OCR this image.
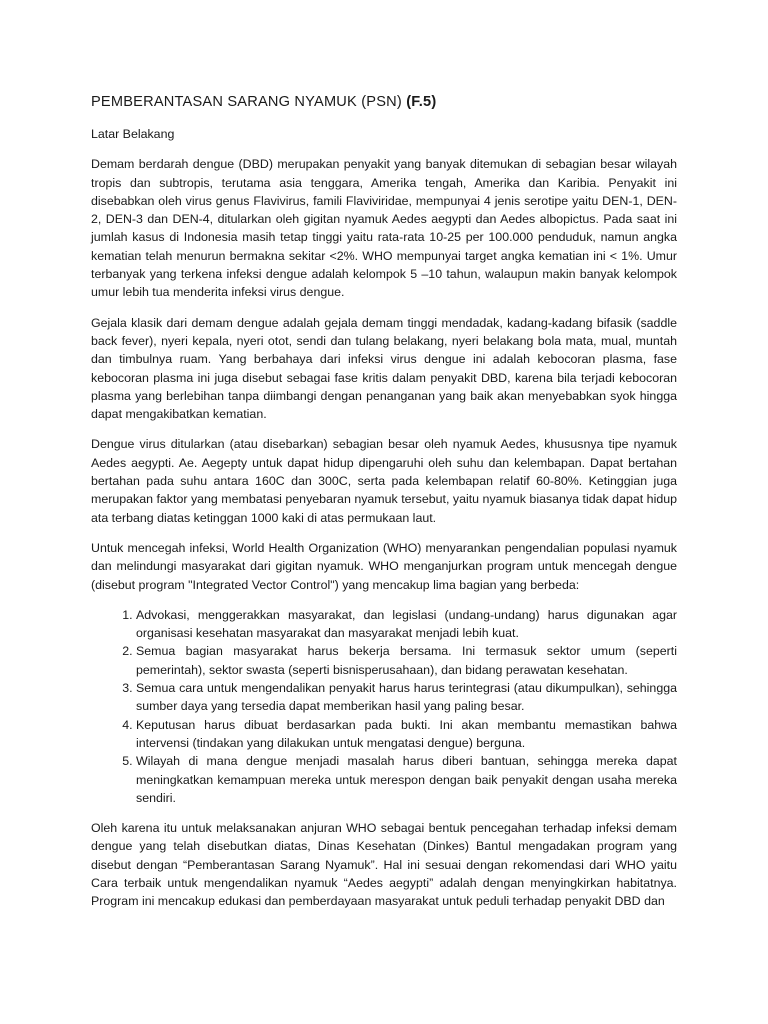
PEMBERANTASAN SARANG NYAMUK (PSN) (F.5)
Latar Belakang

Demam berdarah dengue (DBD) merupakan penyakit yang banyak ditemukan di sebagian besar wilayah tropis dan subtropis, terutama asia tenggara, Amerika tengah, Amerika dan Karibia. Penyakit ini disebabkan oleh virus genus Flavivirus, famili Flaviviridae, mempunyai 4 jenis serotipe yaitu DEN-1, DEN-2, DEN-3 dan DEN-4, ditularkan oleh gigitan nyamuk Aedes aegypti dan Aedes albopictus. Pada saat ini jumlah kasus di Indonesia masih tetap tinggi yaitu rata-rata 10-25 per 100.000 penduduk, namun angka kematian telah menurun bermakna sekitar <2%. WHO mempunyai target angka kematian ini < 1%. Umur terbanyak yang terkena infeksi dengue adalah kelompok 5 –10 tahun, walaupun makin banyak kelompok umur lebih tua menderita infeksi virus dengue.

Gejala klasik dari demam dengue adalah gejala demam tinggi mendadak, kadang-kadang bifasik (saddle back fever), nyeri kepala, nyeri otot, sendi dan tulang belakang, nyeri belakang bola mata, mual, muntah dan timbulnya ruam. Yang berbahaya dari infeksi virus dengue ini adalah kebocoran plasma, fase kebocoran plasma ini juga disebut sebagai fase kritis dalam penyakit DBD, karena bila terjadi kebocoran plasma yang berlebihan tanpa diimbangi dengan penanganan yang baik akan menyebabkan syok hingga dapat mengakibatkan kematian.

Dengue virus ditularkan (atau disebarkan) sebagian besar oleh nyamuk Aedes, khususnya tipe nyamuk Aedes aegypti. Ae. Aegepty untuk dapat hidup dipengaruhi oleh suhu dan kelembapan. Dapat bertahan bertahan pada suhu antara 160C dan 300C, serta pada kelembapan relatif 60-80%. Ketinggian juga merupakan faktor yang membatasi penyebaran nyamuk tersebut, yaitu nyamuk biasanya tidak dapat hidup ata terbang diatas ketinggan 1000 kaki di atas permukaan laut.

Untuk mencegah infeksi, World Health Organization (WHO) menyarankan pengendalian populasi nyamuk dan melindungi masyarakat dari gigitan nyamuk. WHO menganjurkan program untuk mencegah dengue (disebut program "Integrated Vector Control") yang mencakup lima bagian yang berbeda:

1. Advokasi, menggerakkan masyarakat, dan legislasi (undang-undang) harus digunakan agar organisasi kesehatan masyarakat dan masyarakat menjadi lebih kuat.
2. Semua bagian masyarakat harus bekerja bersama. Ini termasuk sektor umum (seperti pemerintah), sektor swasta (seperti bisnisperusahaan), dan bidang perawatan kesehatan.
3. Semua cara untuk mengendalikan penyakit harus harus terintegrasi (atau dikumpulkan), sehingga sumber daya yang tersedia dapat memberikan hasil yang paling besar.
4. Keputusan harus dibuat berdasarkan pada bukti. Ini akan membantu memastikan bahwa intervensi (tindakan yang dilakukan untuk mengatasi dengue) berguna.
5. Wilayah di mana dengue menjadi masalah harus diberi bantuan, sehingga mereka dapat meningkatkan kemampuan mereka untuk merespon dengan baik penyakit dengan usaha mereka sendiri.

Oleh karena itu untuk melaksanakan anjuran WHO sebagai bentuk pencegahan terhadap infeksi demam dengue yang telah disebutkan diatas, Dinas Kesehatan (Dinkes) Bantul mengadakan program yang disebut dengan “Pemberantasan Sarang Nyamuk”. Hal ini sesuai dengan rekomendasi dari WHO yaitu Cara terbaik untuk mengendalikan nyamuk “Aedes aegypti” adalah dengan menyingkirkan habitatnya. Program ini mencakup edukasi dan pemberdayaan masyarakat untuk peduli terhadap penyakit DBD dan
